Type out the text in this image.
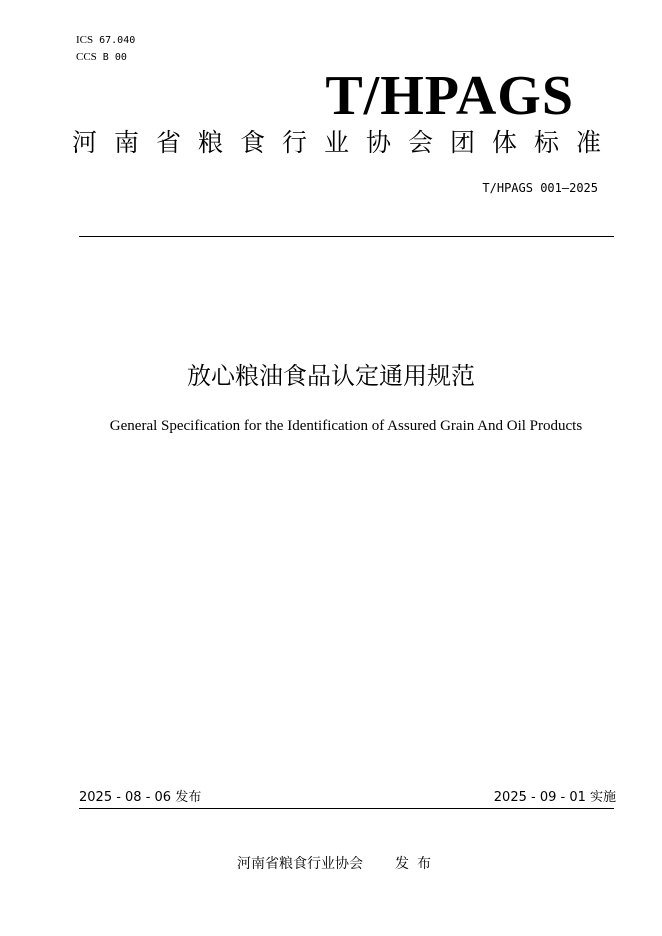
ICS 67.040
CCS B 00
T/HPAGS
河南省粮食行业协会团体标准
T/HPAGS 001—2025
放心粮油食品认定通用规范
General Specification for the Identification of Assured Grain And Oil Products
2025 - 08 - 06 发布	2025 - 09 - 01 实施
河南省粮食行业协会 发布
